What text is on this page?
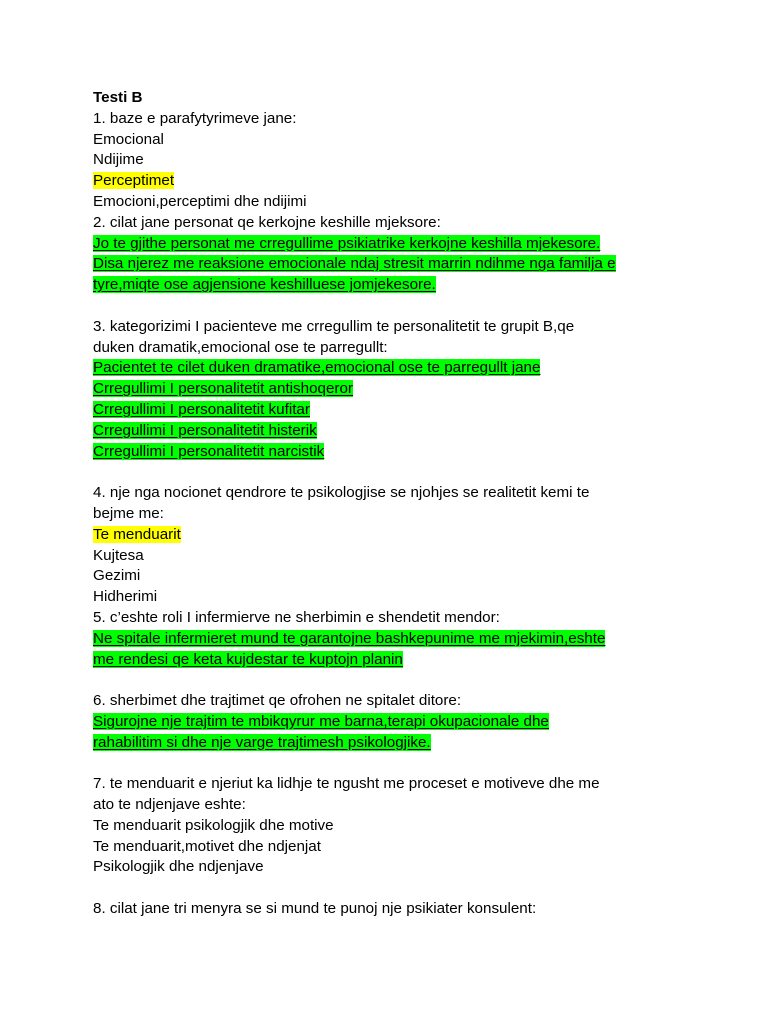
Testi B
1. baze e parafytyrimeve jane:
Emocional
Ndijime
Perceptimet
Emocioni,perceptimi dhe ndijimi
2. cilat jane personat qe kerkojne keshille mjeksore:
Jo te gjithe personat me crregullime psikiatrike kerkojne keshilla mjekesore.
Disa njerez me reaksione emocionale ndaj stresit marrin ndihme nga familja e
tyre,miqte ose agjensione keshilluese jomjekesore.
3. kategorizimi I pacienteve me crregullim te personalitetit te grupit B,qe
duken dramatik,emocional ose te parregullt:
Pacientet te cilet duken dramatike,emocional ose te parregullt jane
Crregullimi I personalitetit antishoqeror
Crregullimi I personalitetit kufitar
Crregullimi I personalitetit histerik
Crregullimi I personalitetit narcistik
4. nje nga nocionet qendrore te psikologjise se njohjes se realitetit kemi te
bejme me:
Te menduarit
Kujtesa
Gezimi
Hidherimi
5. c’eshte roli I infermierve ne sherbimin e shendetit mendor:
Ne spitale infermieret mund te garantojne bashkepunime me mjekimin,eshte
me rendesi qe keta kujdestar te kuptojn planin
6. sherbimet dhe trajtimet qe ofrohen ne spitalet ditore:
Sigurojne nje trajtim te mbikqyrur me barna,terapi okupacionale dhe
rahabilitim si dhe nje varge trajtimesh psikologjike.
7. te menduarit e njeriut ka lidhje te ngusht me proceset e motiveve dhe me
ato te ndjenjave eshte:
Te menduarit psikologjik dhe motive
Te menduarit,motivet dhe ndjenjat
Psikologjik dhe ndjenjave
8. cilat jane tri menyra se si mund te punoj nje psikiater konsulent:
